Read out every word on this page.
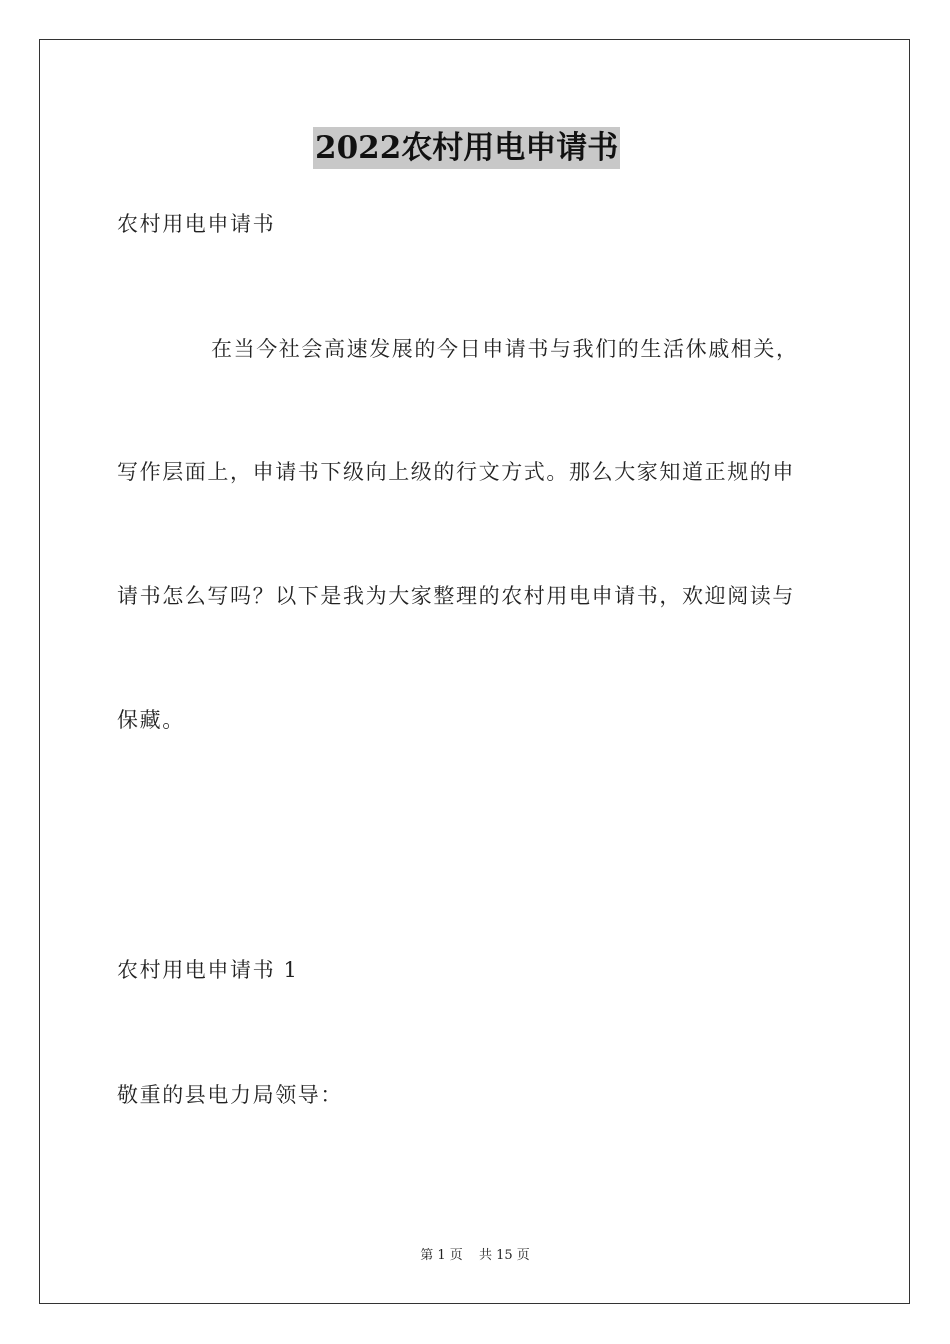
2022农村用电申请书
农村用电申请书
在当今社会高速发展的今日申请书与我们的生活休戚相关，
写作层面上，申请书下级向上级的行文方式。那么大家知道正规的申
请书怎么写吗？以下是我为大家整理的农村用电申请书，欢迎阅读与
保藏。
农村用电申请书 1
敬重的县电力局领导：
第 1 页 共 15 页
